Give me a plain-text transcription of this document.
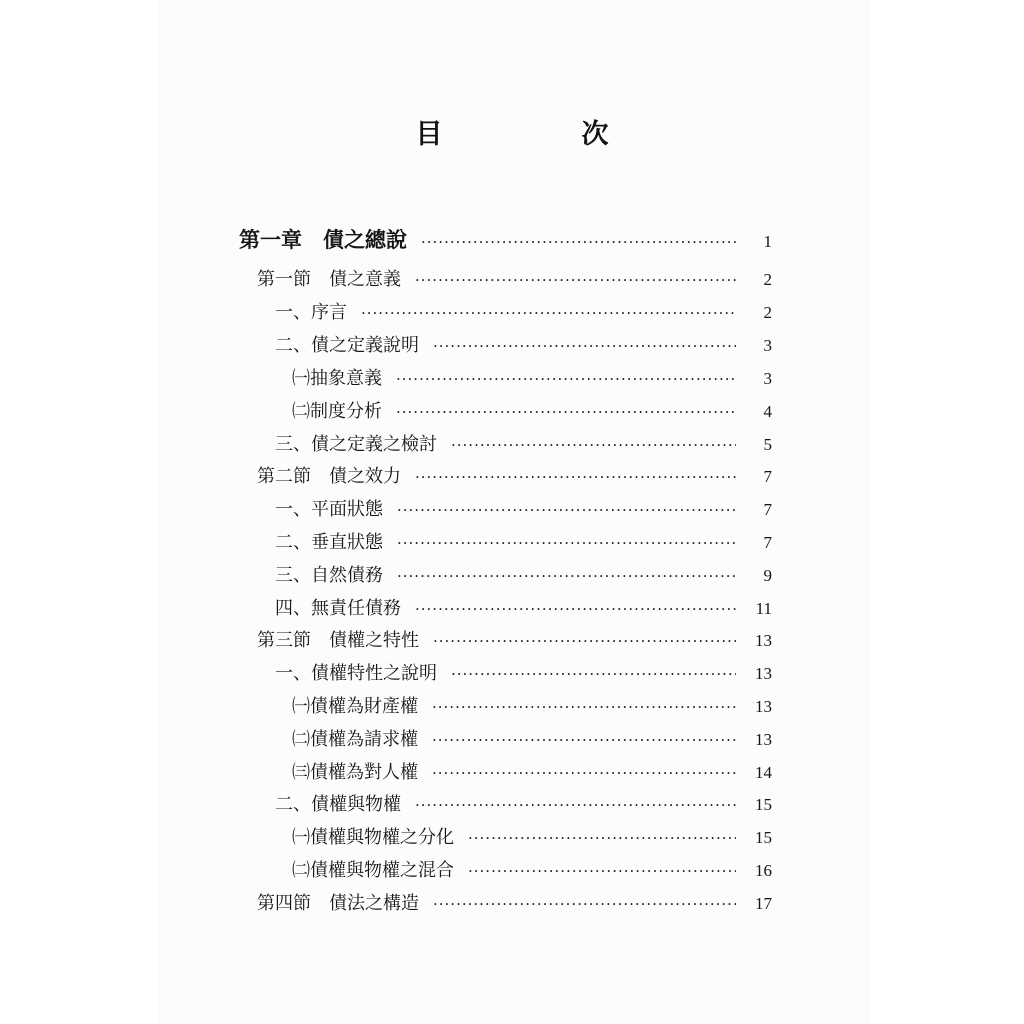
目　次
第一章　債之總說 ·····	1
第一節　債之意義 ·····	2
一、序言 ·····	2
二、債之定義說明 ·····	3
㈠抽象意義 ·····	3
㈡制度分析 ·····	4
三、債之定義之檢討 ·····	5
第二節　債之效力 ·····	7
一、平面狀態 ·····	7
二、垂直狀態 ·····	7
三、自然債務 ·····	9
四、無責任債務 ·····	11
第三節　債權之特性 ·····	13
一、債權特性之說明 ·····	13
㈠債權為財產權 ·····	13
㈡債權為請求權 ·····	13
㈢債權為對人權 ·····	14
二、債權與物權 ·····	15
㈠債權與物權之分化 ·····	15
㈡債權與物權之混合 ·····	16
第四節　債法之構造 ·····	17
